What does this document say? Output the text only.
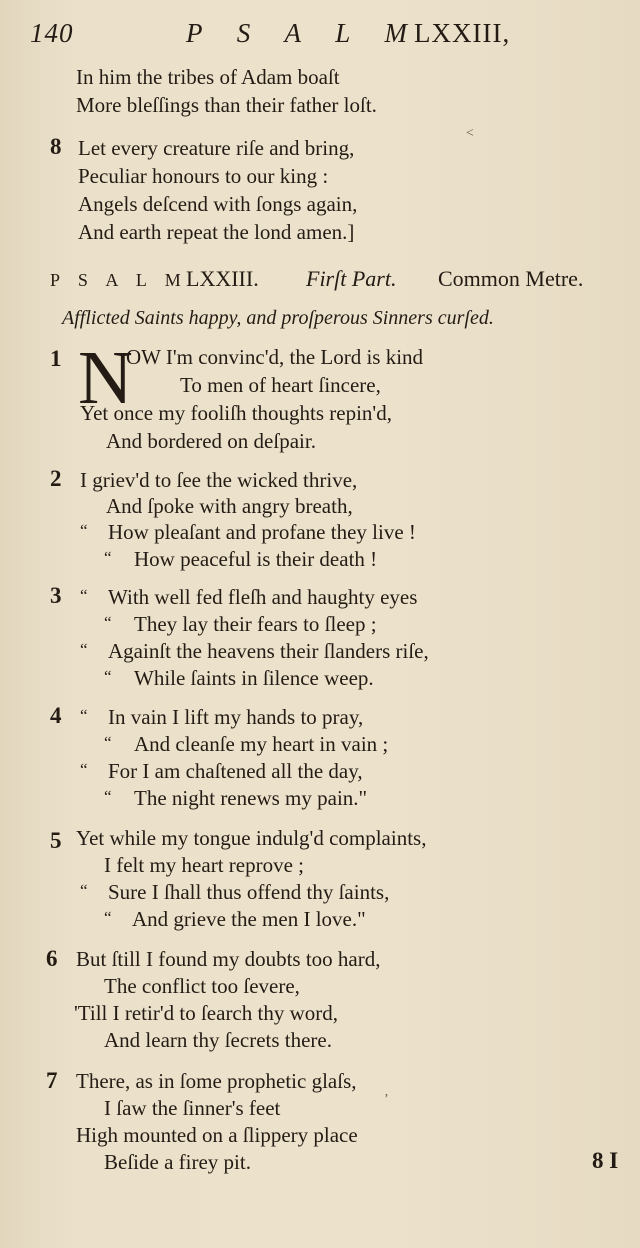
140	P S A L M
LXXIII,
In him the tribes of Adam boaſt
More bleſſings than their father loſt.
8 Let every creature riſe and bring,
Peculiar honours to our king :
Angels deſcend with ſongs again,
And earth repeat the lond amen.]
P S A L M
LXXIII. Firſt Part. Common Metre.
Afflicted Saints happy, and proſperous Sinners curſed.
1 N
OW I'm convinc'd, the Lord is kind
To men of heart ſincere,
Yet once my fooliſh thoughts repin'd,
And bordered on deſpair.
2 I griev'd to ſee the wicked thrive,
And ſpoke with angry breath,
“ How pleaſant and profane they live !
“ How peaceful is their death !
3 “ With well fed fleſh and haughty eyes
“ They lay their fears to ſleep ;
“ Againſt the heavens their ſlanders riſe,
“ While ſaints in ſilence weep.
4 “ In vain I lift my hands to pray,
“ And cleanſe my heart in vain ;
“ For I am chaſtened all the day,
“ The night renews my pain."
5 Yet while my tongue indulg'd complaints,
I felt my heart reprove ;
“ Sure I ſhall thus offend thy ſaints,
“ And grieve the men I love."
6 But ſtill I found my doubts too hard,
The conflict too ſevere,
'Till I retir'd to ſearch thy word,
And learn thy ſecrets there.
7 There, as in ſome prophetic glaſs,
I ſaw the ſinner's feet
High mounted on a ſlippery place
Beſide a firey pit.	8 I
<
ʼ
